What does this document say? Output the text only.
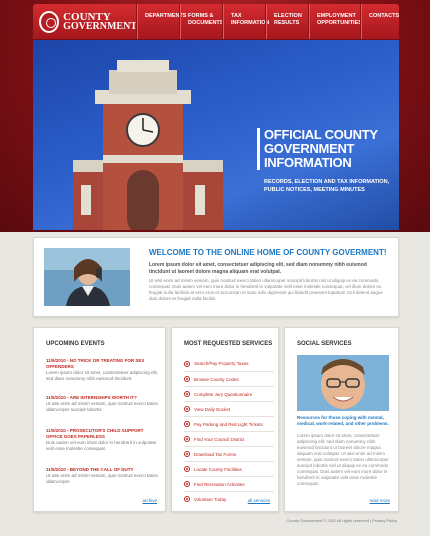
COUNTY
GOVERNMENT
DEPARTMENTS FORMS & DOCUMENTS
TAX INFORMATION
ELECTION RESULTS
EMPLOYMENT OPPORTUNITIES
CONTACTS
OFFICIAL COUNTY GOVERNMENT INFORMATION
RECORDS, ELECTION AND TAX INFORMATION, PUBLIC NOTICES, MEETING MINUTES
WELCOME TO THE ONLINE HOME OF COUNTY GOVERMENT!
Lorem ipsum dolor sit amet, consectetuer adipiscing elit, sed diam nonummy nibh euismod tincidunt ut laoreet dolore magna aliquam erat volutpat.
Ut wisi enim ad minim veniam, quis nostrud exerci tation ullamcorper suscipit lobortis nisl ut aliquip ex ea commodo consequat. Duis autem vel eum iriure dolor in hendrerit in vulputate velit esse molestie consequat, vel illum dolore eu feugiat nulla facilisis at vero eros et accumsan et iusto odio dignissim qui blandit praesent luptatum zzril delenit augue duis dolore te feugait nulla facilisi.
UPCOMING EVENTS
11/5/2010 - NO TRICK OR TREATING FOR SEX OFFENDERS
Lorem ipsum dolor sit amet, consectetuer adipiscing elit, sed diam nonummy nibh euismod tincidunt.
11/5/2010 - ARE INTERNSHIPS WORTH IT?
Ut wisi enim ad minim veniam, quis nostrud exerci tation ullamcorper suscipit lobortis.
11/5/2010 - PROSECUTOR'S CHILD SUPPORT OFFICE GOES PAPERLESS
Duis autem vel eum iriure dolor in hendrerit in vulputate velit esse molestie consequat.
11/5/2010 - BEYOND THE CALL OF DUTY
Ut wisi enim ad minim veniam, quis nostrud exerci tation ullamcorper.
archive
MOST REQUESTED SERVICES
Search/Pay Property Taxes
Browse County Codes
Complete Jury Questionnaire
View Daily Docket
Pay Parking and Red Light Tickets
Find Your Council District
Download Tax Forms
Locate County Facilities
Find Recreation Activities
Volunteer Today	all services
SOCIAL SERVICES
Resources for those coping with mental, medical, work-related, and other problems.
Lorem ipsum dolor sit amet, consectetuer adipiscing elit, sed diam nonummy nibh euismod tincidunt ut laoreet dolore magna aliquam erat volutpat. Ut wisi enim ad minim veniam, quis nostrud exerci tation ullamcorper suscipit lobortis nisl ut aliquip ex ea commodo consequat. Duis autem vel eum iriure dolor in hendrerit in vulputate velit esse molestie consequat.
read more
County Government © 2011 All rights reserved | Privacy Policy
